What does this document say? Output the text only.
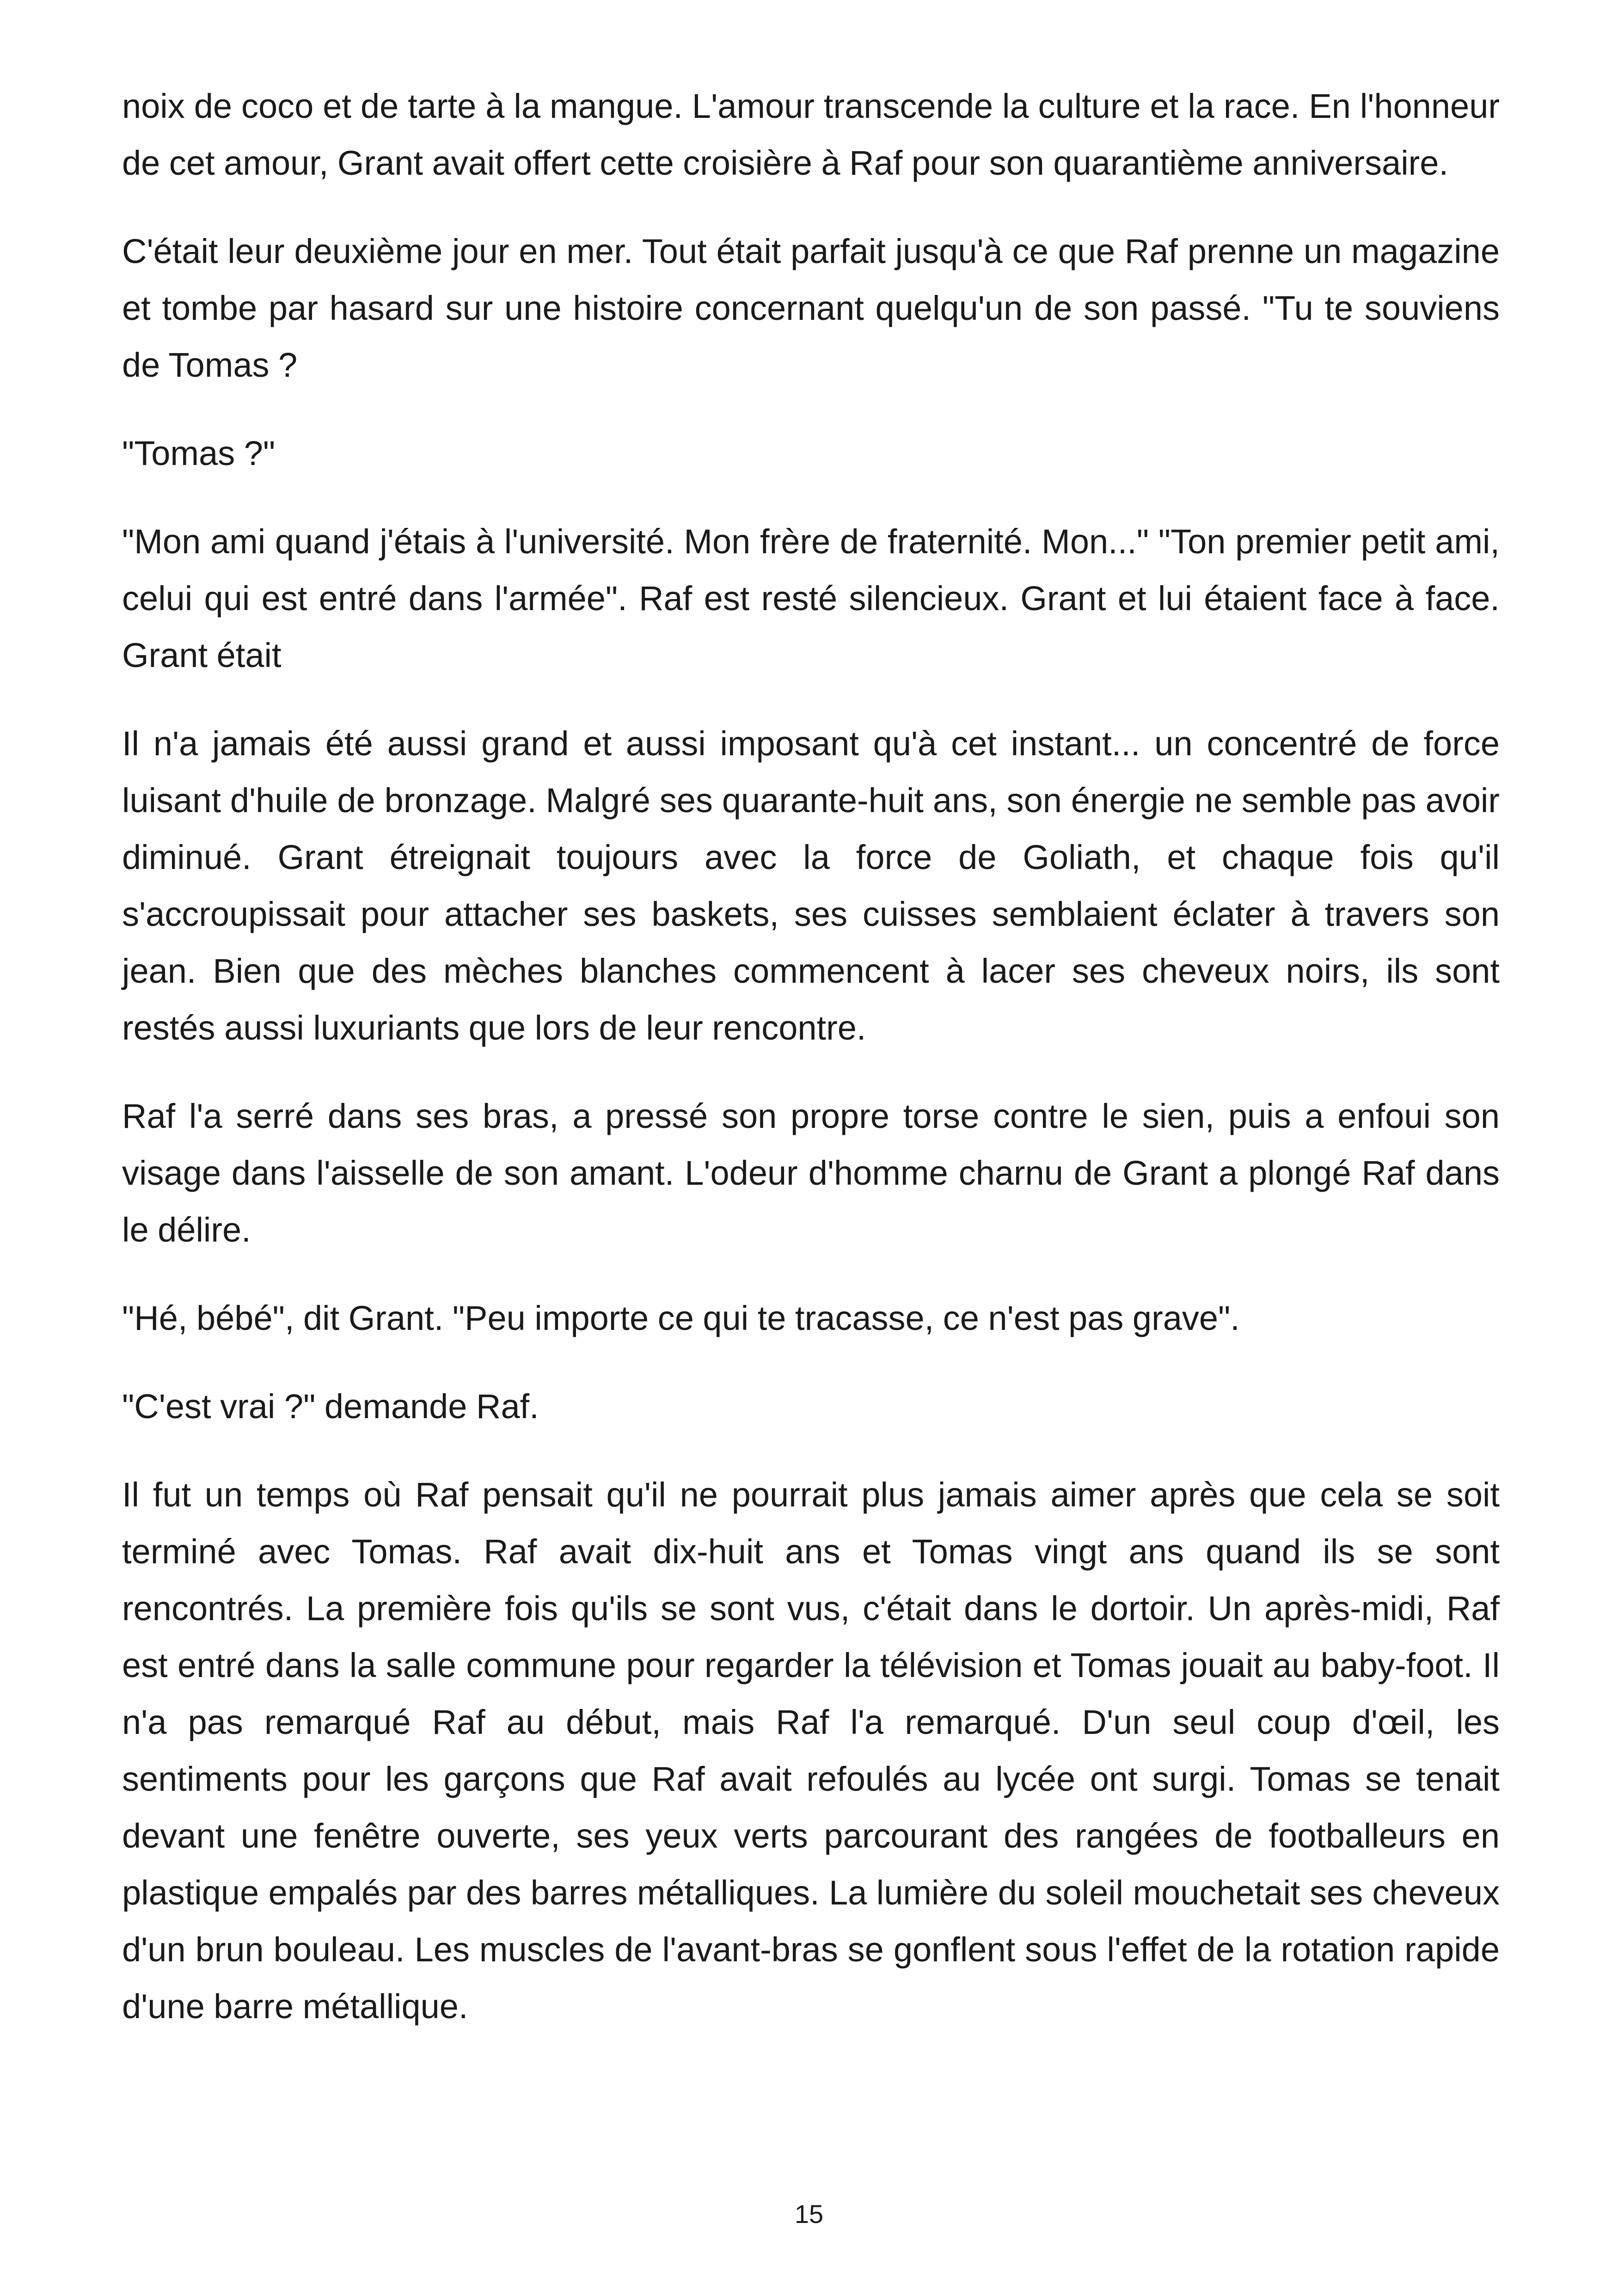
noix de coco et de tarte à la mangue. L'amour transcende la culture et la race. En l'honneur de cet amour, Grant avait offert cette croisière à Raf pour son quarantième anniversaire.

C'était leur deuxième jour en mer. Tout était parfait jusqu'à ce que Raf prenne un magazine et tombe par hasard sur une histoire concernant quelqu'un de son passé. "Tu te souviens de Tomas ?

"Tomas ?"

"Mon ami quand j'étais à l'université. Mon frère de fraternité. Mon..." "Ton premier petit ami, celui qui est entré dans l'armée". Raf est resté silencieux. Grant et lui étaient face à face. Grant était

Il n'a jamais été aussi grand et aussi imposant qu'à cet instant... un concentré de force luisant d'huile de bronzage. Malgré ses quarante-huit ans, son énergie ne semble pas avoir diminué. Grant étreignait toujours avec la force de Goliath, et chaque fois qu'il s'accroupissait pour attacher ses baskets, ses cuisses semblaient éclater à travers son jean. Bien que des mèches blanches commencent à lacer ses cheveux noirs, ils sont restés aussi luxuriants que lors de leur rencontre.

Raf l'a serré dans ses bras, a pressé son propre torse contre le sien, puis a enfoui son visage dans l'aisselle de son amant. L'odeur d'homme charnu de Grant a plongé Raf dans le délire.

"Hé, bébé", dit Grant. "Peu importe ce qui te tracasse, ce n'est pas grave".

"C'est vrai ?" demande Raf.

Il fut un temps où Raf pensait qu'il ne pourrait plus jamais aimer après que cela se soit terminé avec Tomas. Raf avait dix-huit ans et Tomas vingt ans quand ils se sont rencontrés. La première fois qu'ils se sont vus, c'était dans le dortoir. Un après-midi, Raf est entré dans la salle commune pour regarder la télévision et Tomas jouait au baby-foot. Il n'a pas remarqué Raf au début, mais Raf l'a remarqué. D'un seul coup d'œil, les sentiments pour les garçons que Raf avait refoulés au lycée ont surgi. Tomas se tenait devant une fenêtre ouverte, ses yeux verts parcourant des rangées de footballeurs en plastique empalés par des barres métalliques. La lumière du soleil mouchetait ses cheveux d'un brun bouleau. Les muscles de l'avant-bras se gonflent sous l'effet de la rotation rapide d'une barre métallique.

15
